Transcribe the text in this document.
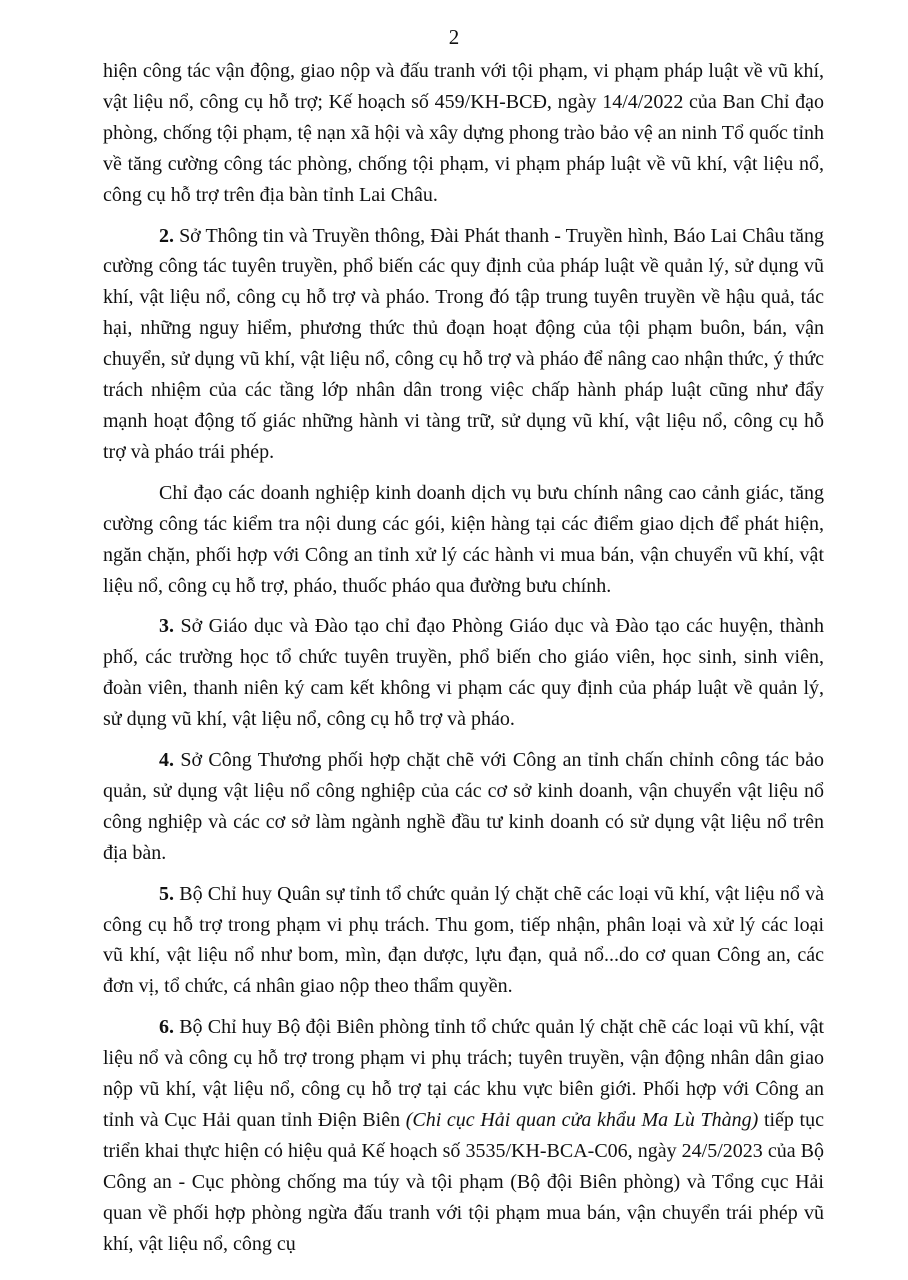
2

hiện công tác vận động, giao nộp và đấu tranh với tội phạm, vi phạm pháp luật về vũ khí, vật liệu nổ, công cụ hỗ trợ; Kế hoạch số 459/KH-BCĐ, ngày 14/4/2022 của Ban Chỉ đạo phòng, chống tội phạm, tệ nạn xã hội và xây dựng phong trào bảo vệ an ninh Tổ quốc tỉnh về tăng cường công tác phòng, chống tội phạm, vi phạm pháp luật về vũ khí, vật liệu nổ, công cụ hỗ trợ trên địa bàn tỉnh Lai Châu.

2. Sở Thông tin và Truyền thông, Đài Phát thanh - Truyền hình, Báo Lai Châu tăng cường công tác tuyên truyền, phổ biến các quy định của pháp luật về quản lý, sử dụng vũ khí, vật liệu nổ, công cụ hỗ trợ và pháo. Trong đó tập trung tuyên truyền về hậu quả, tác hại, những nguy hiểm, phương thức thủ đoạn hoạt động của tội phạm buôn, bán, vận chuyển, sử dụng vũ khí, vật liệu nổ, công cụ hỗ trợ và pháo để nâng cao nhận thức, ý thức trách nhiệm của các tầng lớp nhân dân trong việc chấp hành pháp luật cũng như đẩy mạnh hoạt động tố giác những hành vi tàng trữ, sử dụng vũ khí, vật liệu nổ, công cụ hỗ trợ và pháo trái phép.

Chỉ đạo các doanh nghiệp kinh doanh dịch vụ bưu chính nâng cao cảnh giác, tăng cường công tác kiểm tra nội dung các gói, kiện hàng tại các điểm giao dịch để phát hiện, ngăn chặn, phối hợp với Công an tỉnh xử lý các hành vi mua bán, vận chuyển vũ khí, vật liệu nổ, công cụ hỗ trợ, pháo, thuốc pháo qua đường bưu chính.

3. Sở Giáo dục và Đào tạo chỉ đạo Phòng Giáo dục và Đào tạo các huyện, thành phố, các trường học tổ chức tuyên truyền, phổ biến cho giáo viên, học sinh, sinh viên, đoàn viên, thanh niên ký cam kết không vi phạm các quy định của pháp luật về quản lý, sử dụng vũ khí, vật liệu nổ, công cụ hỗ trợ và pháo.

4. Sở Công Thương phối hợp chặt chẽ với Công an tỉnh chấn chỉnh công tác bảo quản, sử dụng vật liệu nổ công nghiệp của các cơ sở kinh doanh, vận chuyển vật liệu nổ công nghiệp và các cơ sở làm ngành nghề đầu tư kinh doanh có sử dụng vật liệu nổ trên địa bàn.

5. Bộ Chỉ huy Quân sự tỉnh tổ chức quản lý chặt chẽ các loại vũ khí, vật liệu nổ và công cụ hỗ trợ trong phạm vi phụ trách. Thu gom, tiếp nhận, phân loại và xử lý các loại vũ khí, vật liệu nổ như bom, mìn, đạn dược, lựu đạn, quả nổ...do cơ quan Công an, các đơn vị, tổ chức, cá nhân giao nộp theo thẩm quyền.

6. Bộ Chỉ huy Bộ đội Biên phòng tỉnh tổ chức quản lý chặt chẽ các loại vũ khí, vật liệu nổ và công cụ hỗ trợ trong phạm vi phụ trách; tuyên truyền, vận động nhân dân giao nộp vũ khí, vật liệu nổ, công cụ hỗ trợ tại các khu vực biên giới. Phối hợp với Công an tỉnh và Cục Hải quan tỉnh Điện Biên (Chi cục Hải quan cửa khẩu Ma Lù Thàng) tiếp tục triển khai thực hiện có hiệu quả Kế hoạch số 3535/KH-BCA-C06, ngày 24/5/2023 của Bộ Công an - Cục phòng chống ma túy và tội phạm (Bộ đội Biên phòng) và Tổng cục Hải quan về phối hợp phòng ngừa đấu tranh với tội phạm mua bán, vận chuyển trái phép vũ khí, vật liệu nổ, công cụ
